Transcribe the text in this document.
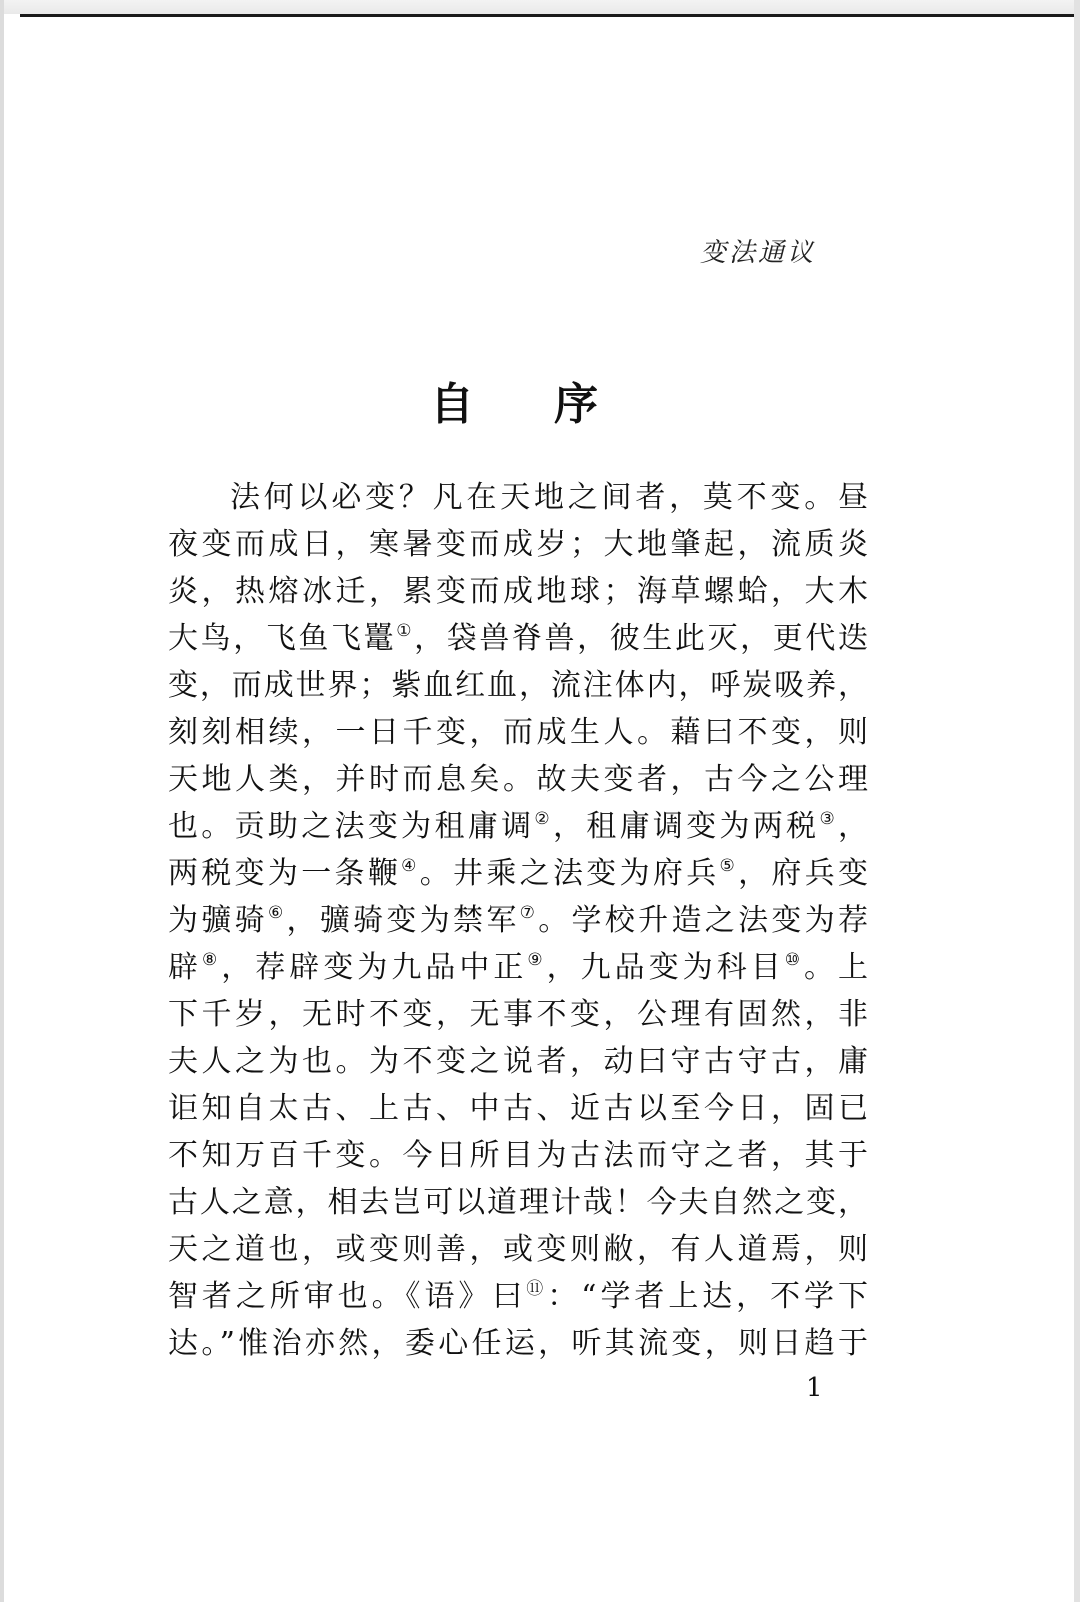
变法通议
自序
法何以必变？凡在天地之间者，莫不变。昼
夜变而成日，寒暑变而成岁；大地肇起，流质炎
炎，热熔冰迁，累变而成地球；海草螺蛤，大木
大鸟，飞鱼飞鼍①，袋兽脊兽，彼生此灭，更代迭
变，而成世界；紫血红血，流注体内，呼炭吸养，
刻刻相续，一日千变，而成生人。藉曰不变，则
天地人类，并时而息矣。故夫变者，古今之公理
也。贡助之法变为租庸调②，租庸调变为两税③，
两税变为一条鞭④。井乘之法变为府兵⑤，府兵变
为彍骑⑥，彍骑变为禁军⑦。学校升造之法变为荐
辟⑧，荐辟变为九品中正⑨，九品变为科目⑩。上
下千岁，无时不变，无事不变，公理有固然，非
夫人之为也。为不变之说者，动曰守古守古，庸
讵知自太古、上古、中古、近古以至今日，固已
不知万百千变。今日所目为古法而守之者，其于
古人之意，相去岂可以道理计哉！今夫自然之变，
天之道也，或变则善，或变则敝，有人道焉，则
智者之所审也。《语》曰⑪：“学者上达，不学下
达。”惟治亦然，委心任运，听其流变，则日趋于
1
